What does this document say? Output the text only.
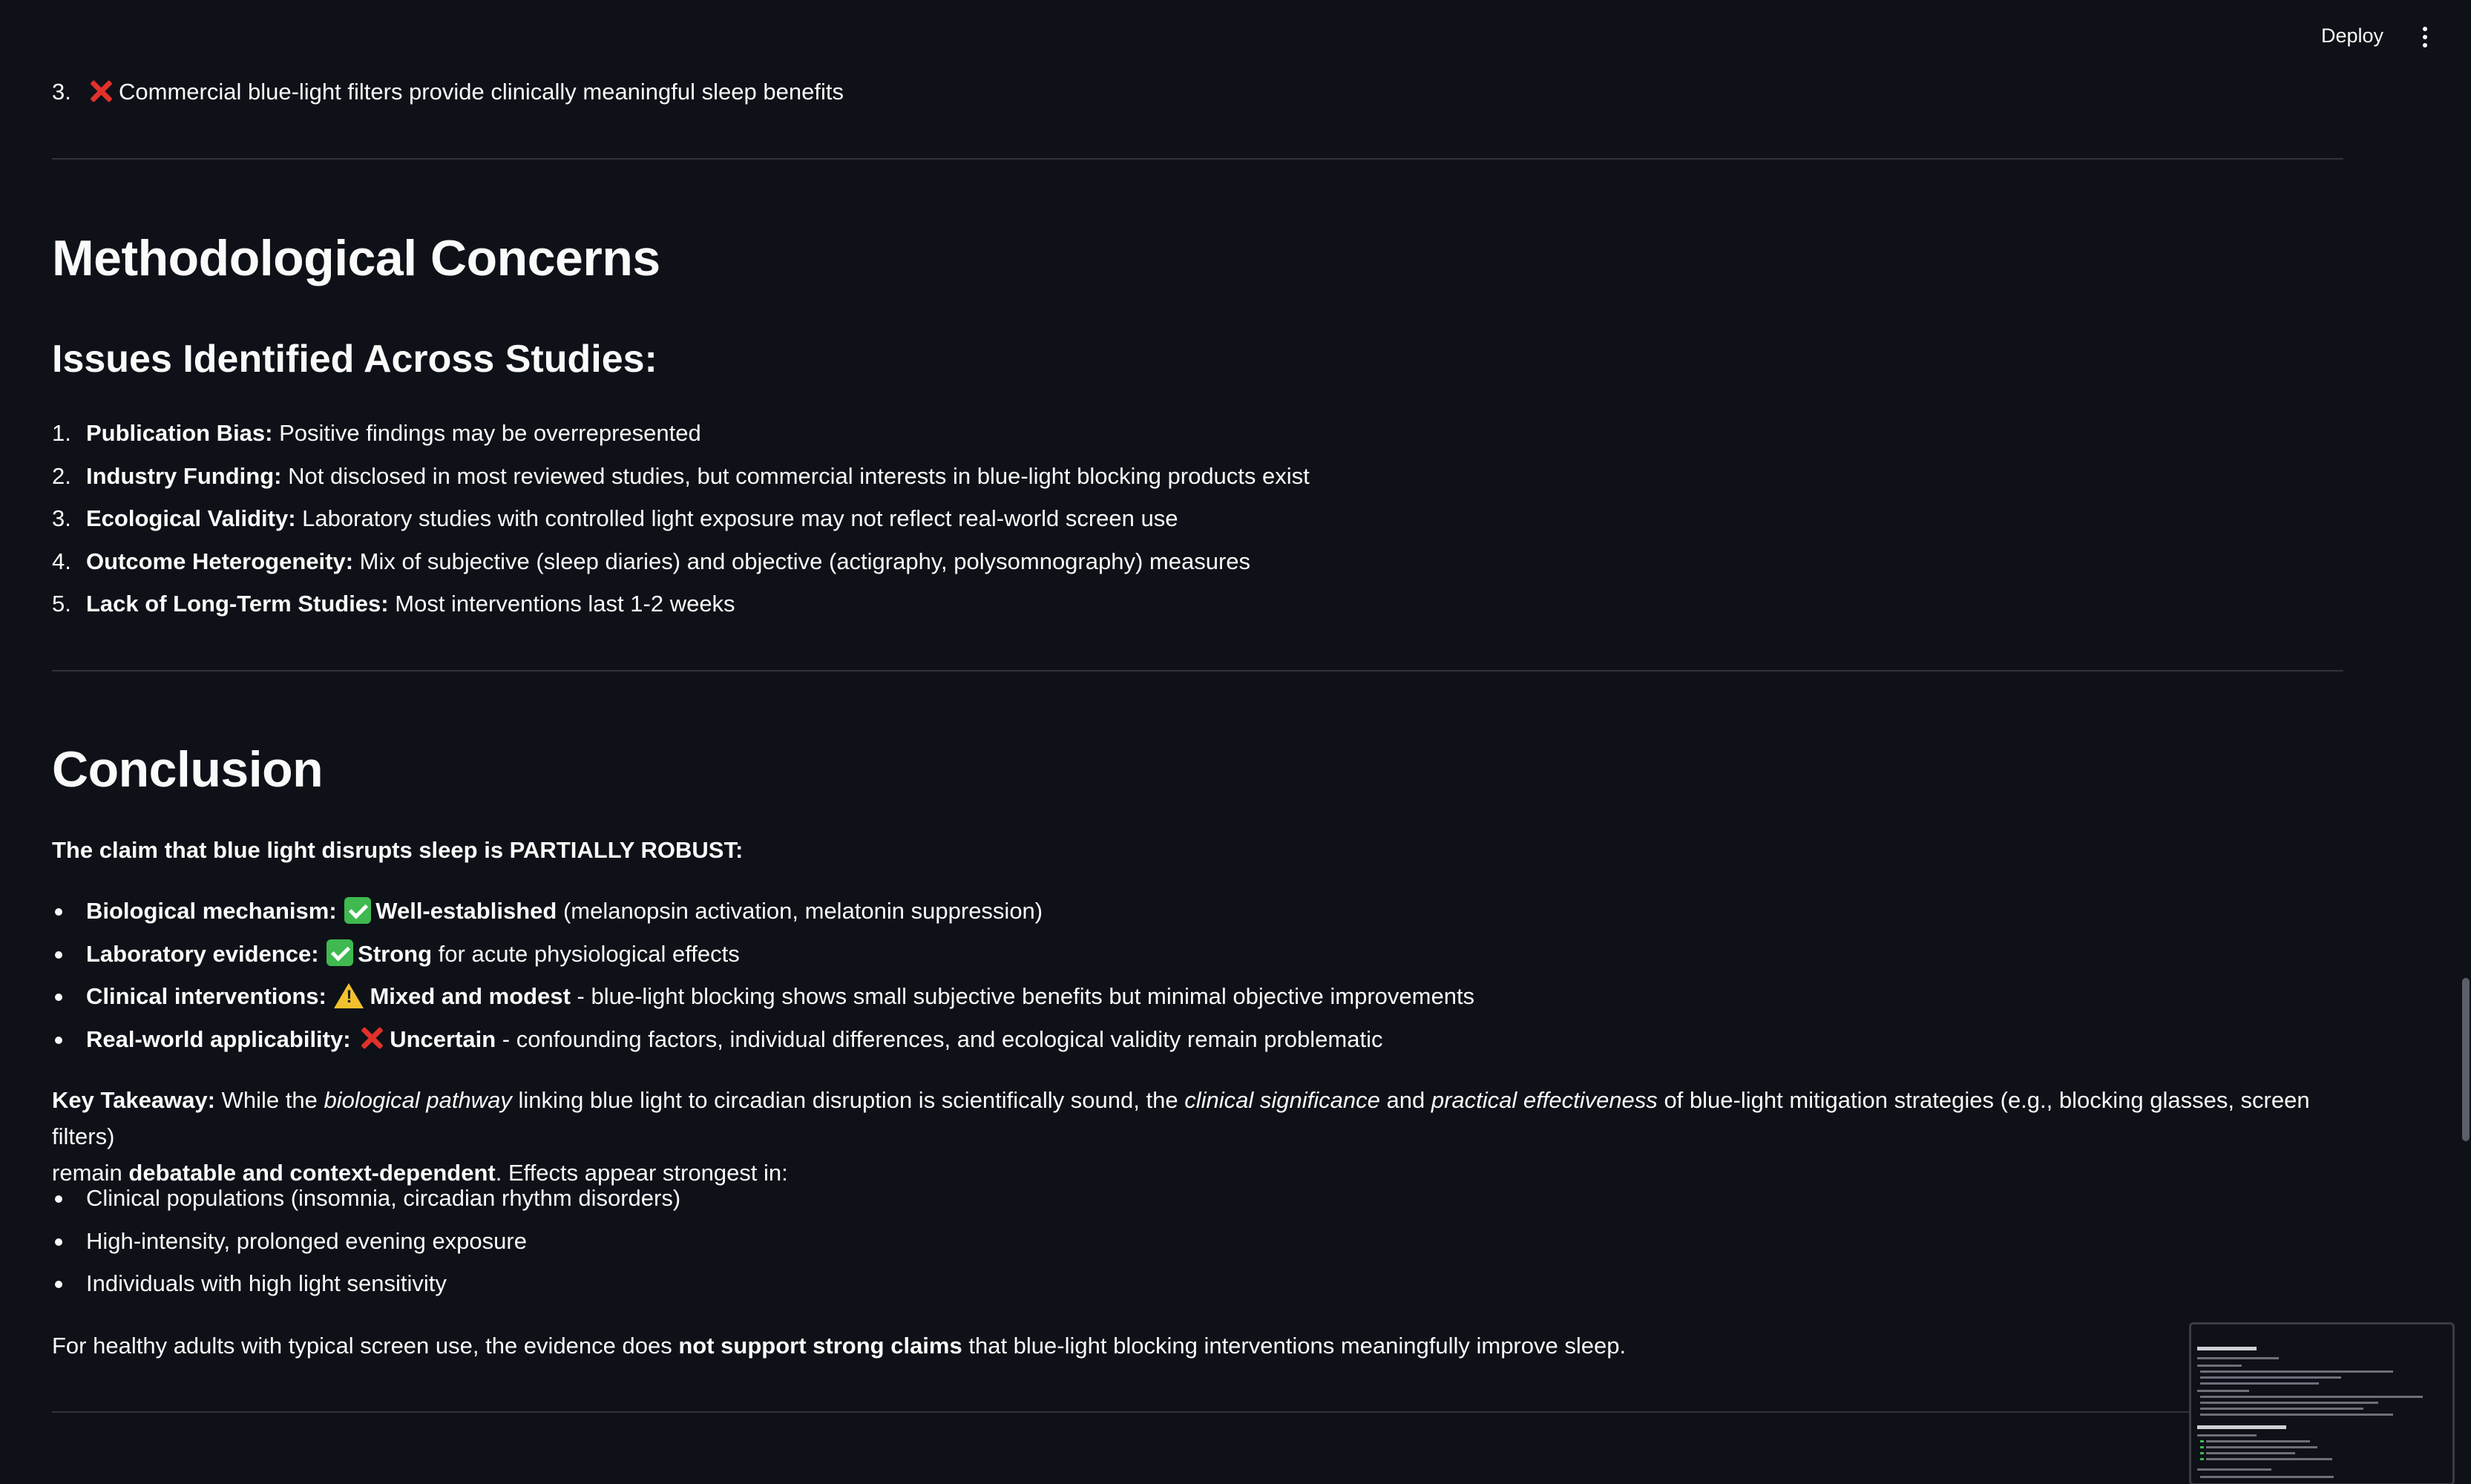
Deploy
3. Commercial blue-light filters provide clinically meaningful sleep benefits
Methodological Concerns
Issues Identified Across Studies:
1. Publication Bias: Positive findings may be overrepresented
2. Industry Funding: Not disclosed in most reviewed studies, but commercial interests in blue-light blocking products exist
3. Ecological Validity: Laboratory studies with controlled light exposure may not reflect real-world screen use
4. Outcome Heterogeneity: Mix of subjective (sleep diaries) and objective (actigraphy, polysomnography) measures
5. Lack of Long-Term Studies: Most interventions last 1-2 weeks
Conclusion

The claim that blue light disrupts sleep is PARTIALLY ROBUST:

Biological mechanism: Well-established (melanopsin activation, melatonin suppression)
Laboratory evidence: Strong for acute physiological effects
Clinical interventions: ! Mixed and modest - blue-light blocking shows small subjective benefits but minimal objective improvements
Real-world applicability: Uncertain - confounding factors, individual differences, and ecological validity remain problematic

Key Takeaway: While the biological pathway linking blue light to circadian disruption is scientifically sound, the clinical significance and practical effectiveness of blue-light mitigation strategies (e.g., blocking glasses, screen filters)
remain debatable and context-dependent. Effects appear strongest in:

Clinical populations (insomnia, circadian rhythm disorders)
High-intensity, prolonged evening exposure
Individuals with high light sensitivity

For healthy adults with typical screen use, the evidence does not support strong claims that blue-light blocking interventions meaningfully improve sleep.
